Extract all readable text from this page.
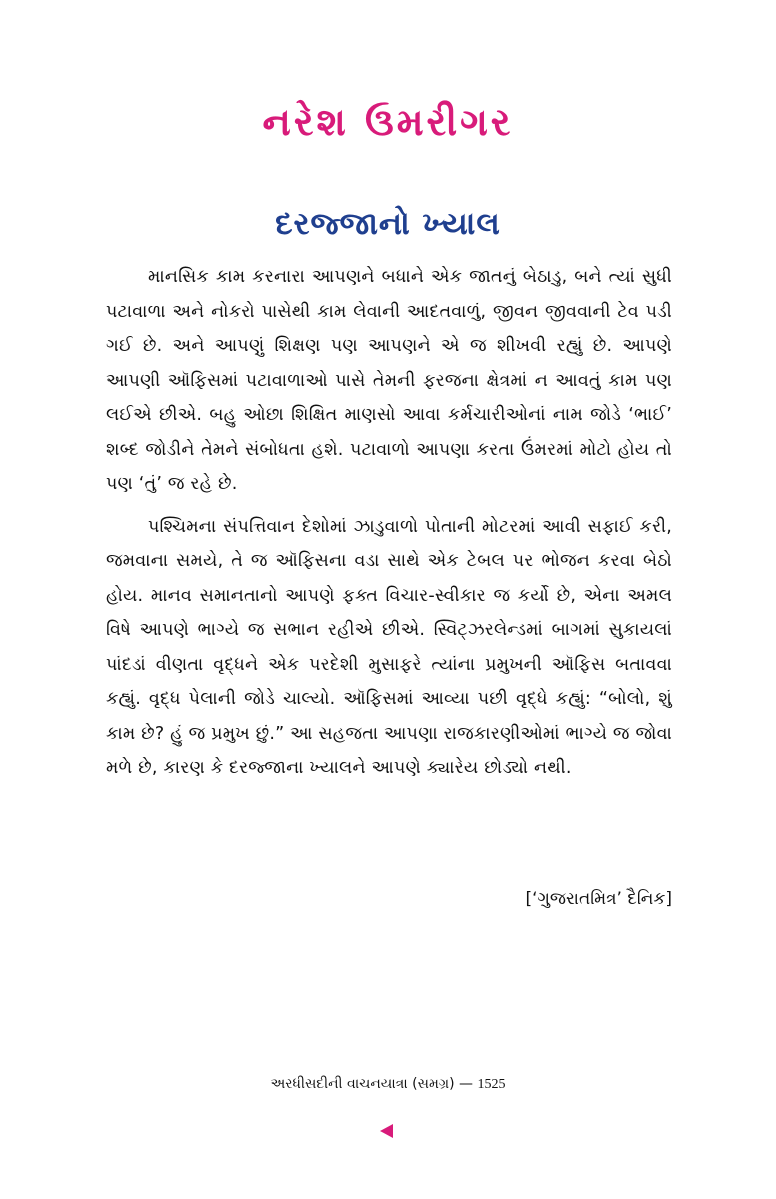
નરેશ ઉમરીગર
દરજ્જાનો ખ્યાલ

માનસિક કામ કરનારા આપણને બધાને એક જાતનું બેઠાડુ, બને ત્યાં સુધી પટાવાળા અને નોકરો પાસેથી કામ લેવાની આદતવાળું, જીવન જીવવાની ટેવ પડી ગઈ છે. અને આપણું શિક્ષણ પણ આપણને એ જ શીખવી રહ્યું છે. આપણે આપણી ઑફિસમાં પટાવાળાઓ પાસે તેમની ફરજના ક્ષેત્રમાં ન આવતું કામ પણ લઈએ છીએ. બહુ ઓછા શિક્ષિત માણસો આવા કર્મચારીઓનાં નામ જોડે ‘ભાઈ’ શબ્દ જોડીને તેમને સંબોધતા હશે. પટાવાળો આપણા કરતા ઉંમરમાં મોટો હોય તો પણ ‘તું’ જ રહે છે.

પશ્ચિમના સંપત્તિવાન દેશોમાં ઝાડુવાળો પોતાની મોટરમાં આવી સફાઈ કરી, જમવાના સમયે, તે જ ઑફિસના વડા સાથે એક ટેબલ પર ભોજન કરવા બેઠો હોય. માનવ સમાનતાનો આપણે ફક્ત વિચાર-સ્વીકાર જ કર્યો છે, એના અમલ વિષે આપણે ભાગ્યે જ સભાન રહીએ છીએ. સ્વિટ્ઝરલેન્ડમાં બાગમાં સુકાયલાં પાંદડાં વીણતા વૃદ્ધને એક પરદેશી મુસાફરે ત્યાંના પ્રમુખની ઑફિસ બતાવવા કહ્યું. વૃદ્ધ પેલાની જોડે ચાલ્યો. ઑફિસમાં આવ્યા પછી વૃદ્ધે કહ્યું: “બોલો, શું કામ છે? હું જ પ્રમુખ છું.” આ સહજતા આપણા રાજકારણીઓમાં ભાગ્યે જ જોવા મળે છે, કારણ કે દરજ્જાના ખ્યાલને આપણે ક્યારેય છોડ્યો નથી.

[‘ગુજરાતમિત્ર’ દૈનિક]
અરધીસદીની વાચનયાત્રા (સમગ્ર) — 1525
